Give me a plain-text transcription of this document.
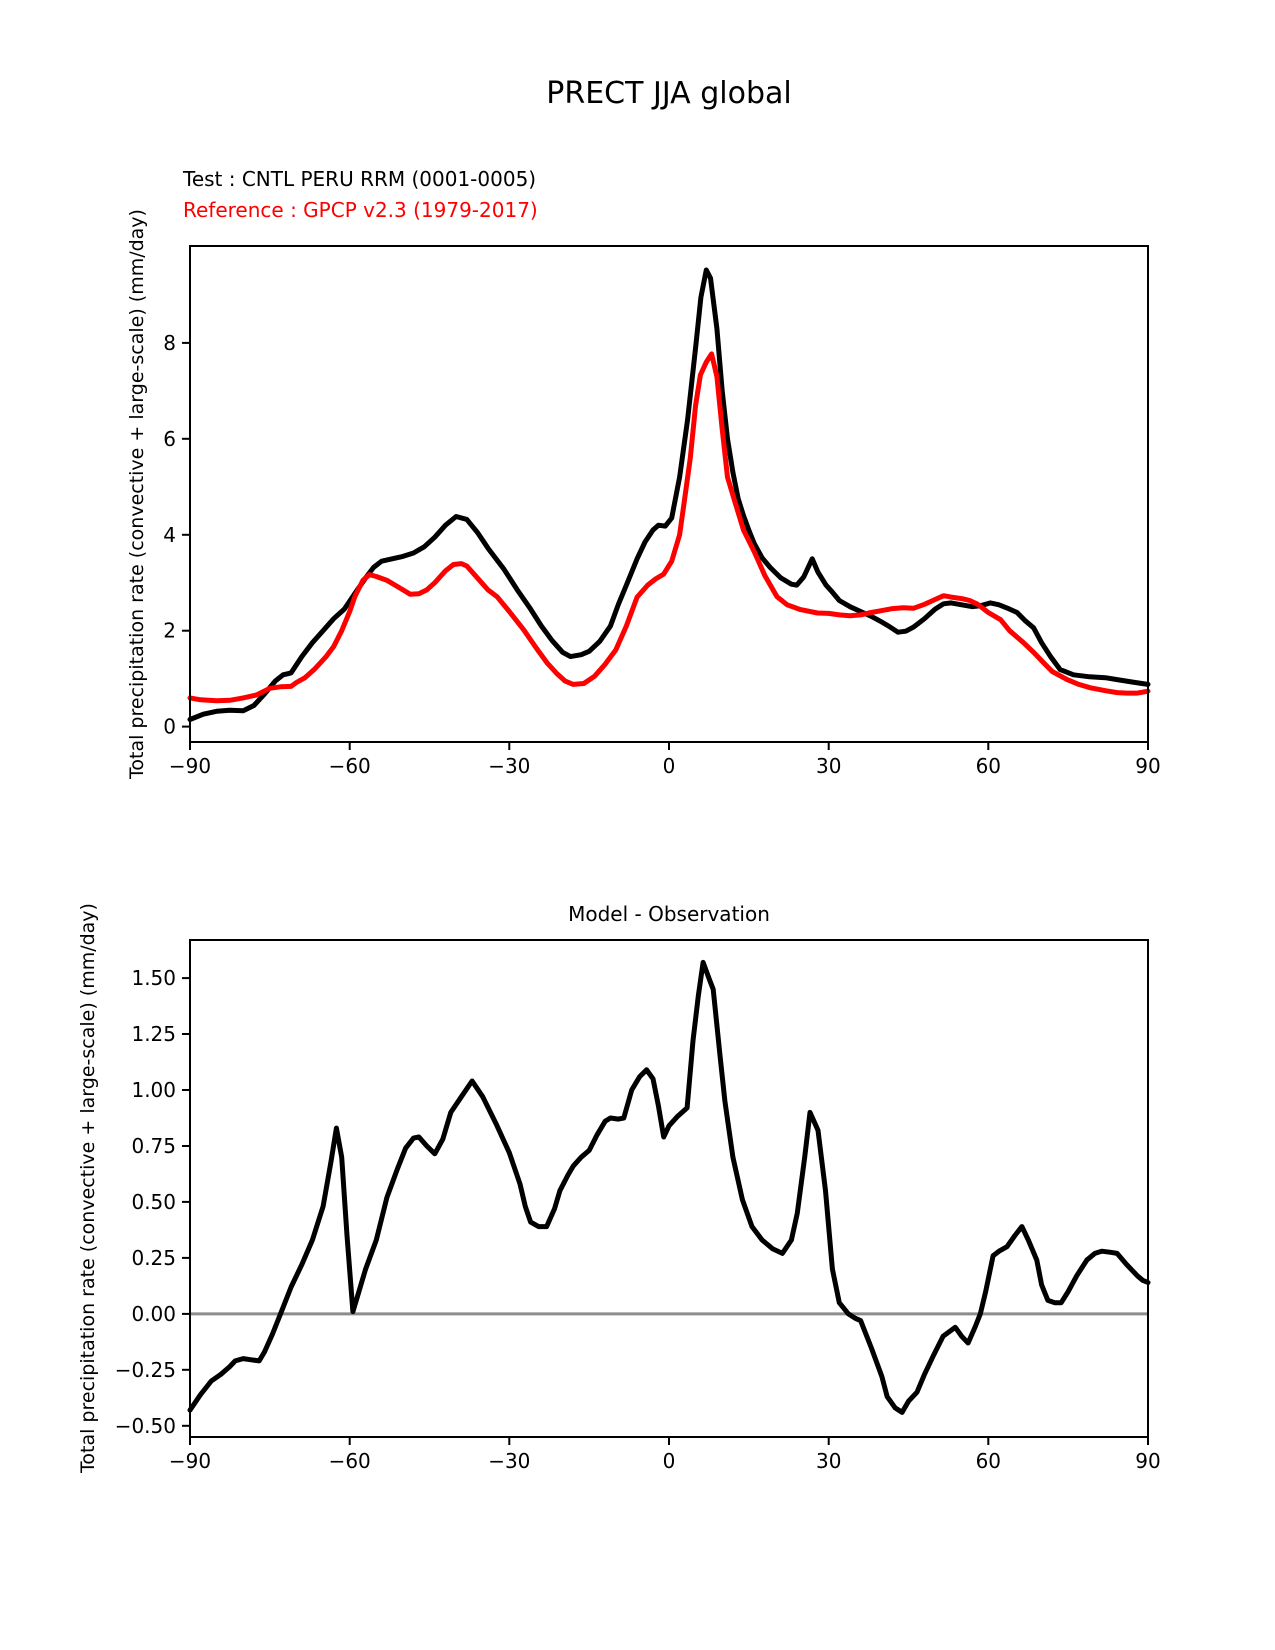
−90	−60	−30	0	30	60	90
0
2
4
6
8
−90	−60	−30	0	30	60	90
−0.50
−0.25
0.00
0.25
0.50
0.75
1.00
1.25
1.50
PRECT JJA global
Test : CNTL PERU RRM (0001-0005)
Reference : GPCP v2.3 (1979-2017)
Total precipitation rate (convective + large-scale) (mm/day)
Total precipitation rate (convective + large-scale) (mm/day)	Model - Observation
